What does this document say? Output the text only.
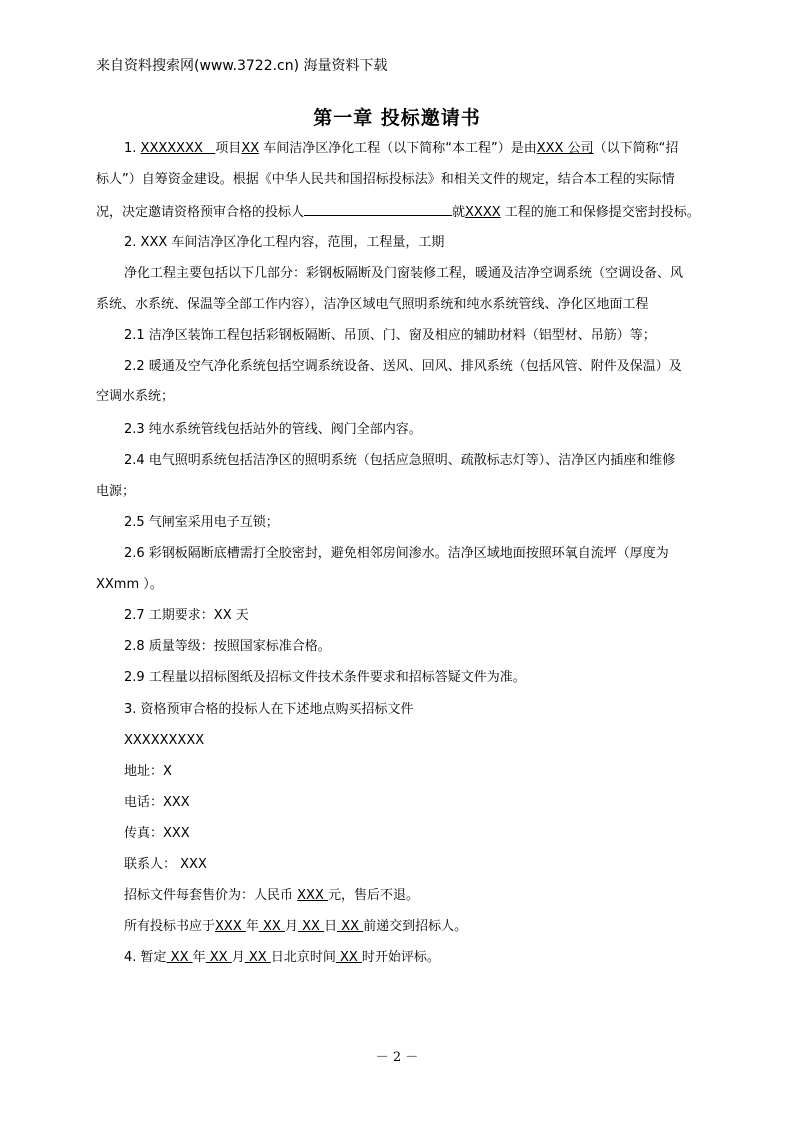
来自资料搜索网(www.3722.cn) 海量资料下载
第一章 投标邀请书
1. XXXXXXX 项目XX 车间洁净区净化工程（以下简称“本工程”）是由XXX 公司（以下简称“招
标人”）自筹资金建设。根据《中华人民共和国招标投标法》和相关文件的规定，结合本工程的实际情
况，决定邀请资格预审合格的投标人	就XXXX 工程的施工和保修提交密封投标。
2. XXX 车间洁净区净化工程内容，范围，工程量，工期
净化工程主要包括以下几部分：彩钢板隔断及门窗装修工程，暖通及洁净空调系统（空调设备、风
系统、水系统、保温等全部工作内容），洁净区域电气照明系统和纯水系统管线、净化区地面工程
2.1 洁净区装饰工程包括彩钢板隔断、吊顶、门、窗及相应的辅助材料（铝型材、吊筋）等；
2.2 暖通及空气净化系统包括空调系统设备、送风、回风、排风系统（包括风管、附件及保温）及
空调水系统；
2.3 纯水系统管线包括站外的管线、阀门全部内容。
2.4 电气照明系统包括洁净区的照明系统（包括应急照明、疏散标志灯等）、洁净区内插座和维修
电源；
2.5 气闸室采用电子互锁；
2.6 彩钢板隔断底槽需打全胶密封，避免相邻房间渗水。洁净区域地面按照环氧自流坪（厚度为
XXmm ）。
2.7 工期要求：XX 天
2.8 质量等级：按照国家标准合格。
2.9 工程量以招标图纸及招标文件技术条件要求和招标答疑文件为准。
3. 资格预审合格的投标人在下述地点购买招标文件
XXXXXXXXX
地址：X
电话：XXX
传真：XXX
联系人： XXX
招标文件每套售价为：人民币 XXX 元，售后不退。
所有投标书应于XXX 年 XX 月 XX 日 XX 前递交到招标人。
4. 暂定 XX 年 XX 月 XX 日北京时间 XX 时开始评标。
－ 2 －
